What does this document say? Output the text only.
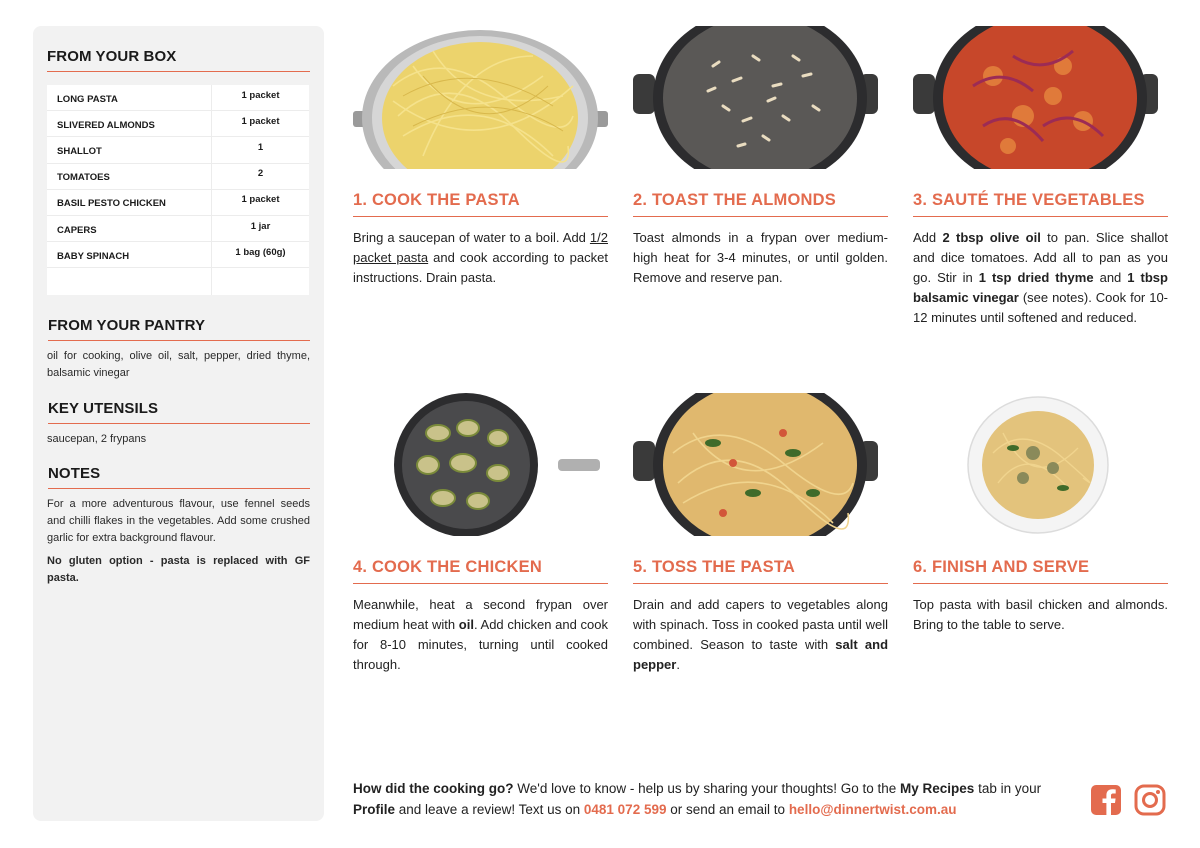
FROM YOUR BOX
LONG PASTA	1 packet
SLIVERED ALMONDS	1 packet
SHALLOT	1
TOMATOES	2
BASIL PESTO CHICKEN	1 packet
CAPERS	1 jar
BABY SPINACH	1 bag (60g)
FROM YOUR PANTRY
oil for cooking, olive oil, salt, pepper, dried thyme, balsamic vinegar
KEY UTENSILS
saucepan, 2 frypans
NOTES
For a more adventurous flavour, use fennel seeds and chilli flakes in the vegetables. Add some crushed garlic for extra background flavour.
No gluten option - pasta is replaced with GF pasta.
1. COOK THE PASTA
Bring a saucepan of water to a boil. Add 1/2 packet pasta and cook according to packet instructions. Drain pasta.
2. TOAST THE ALMONDS
Toast almonds in a frypan over medium-high heat for 3-4 minutes, or until golden. Remove and reserve pan.
3. SAUTÉ THE VEGETABLES
Add 2 tbsp olive oil to pan. Slice shallot and dice tomatoes. Add all to pan as you go. Stir in 1 tsp dried thyme and 1 tbsp balsamic vinegar (see notes). Cook for 10-12 minutes until softened and reduced.
4. COOK THE CHICKEN
Meanwhile, heat a second frypan over medium heat with oil. Add chicken and cook for 8-10 minutes, turning until cooked through.
5. TOSS THE PASTA
Drain and add capers to vegetables along with spinach. Toss in cooked pasta until well combined. Season to taste with salt and pepper.
6. FINISH AND SERVE
Top pasta with basil chicken and almonds. Bring to the table to serve.
How did the cooking go? We'd love to know - help us by sharing your thoughts! Go to the My Recipes tab in your Profile and leave a review! Text us on 0481 072 599 or send an email to hello@dinnertwist.com.au
